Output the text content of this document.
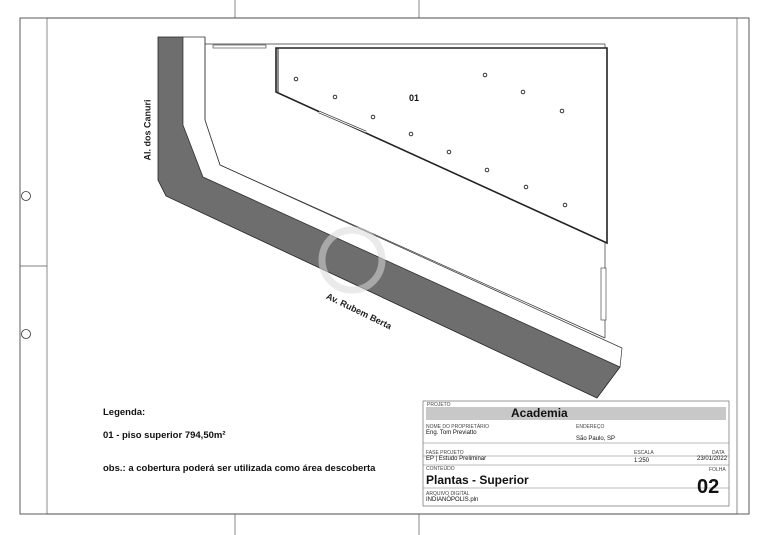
Al. dos Canuri
Av. Rubem Berta
01
Legenda:
01 - piso superior 794,50m²
obs.: a cobertura poderá ser utilizada como área descoberta
PROJETO
Academia
NOME DO PROPRIETÁRIO
Eng. Tom Previatto
ENDEREÇO
São Paulo, SP
FASE PROJETO
EP | Estudo Preliminar
ESCALA
1:250
DATA
23/01/2022
CONTEÚDO
Plantas - Superior
FOLHA
02
ARQUIVO DIGITAL
INDIANÓPOLIS.pln
